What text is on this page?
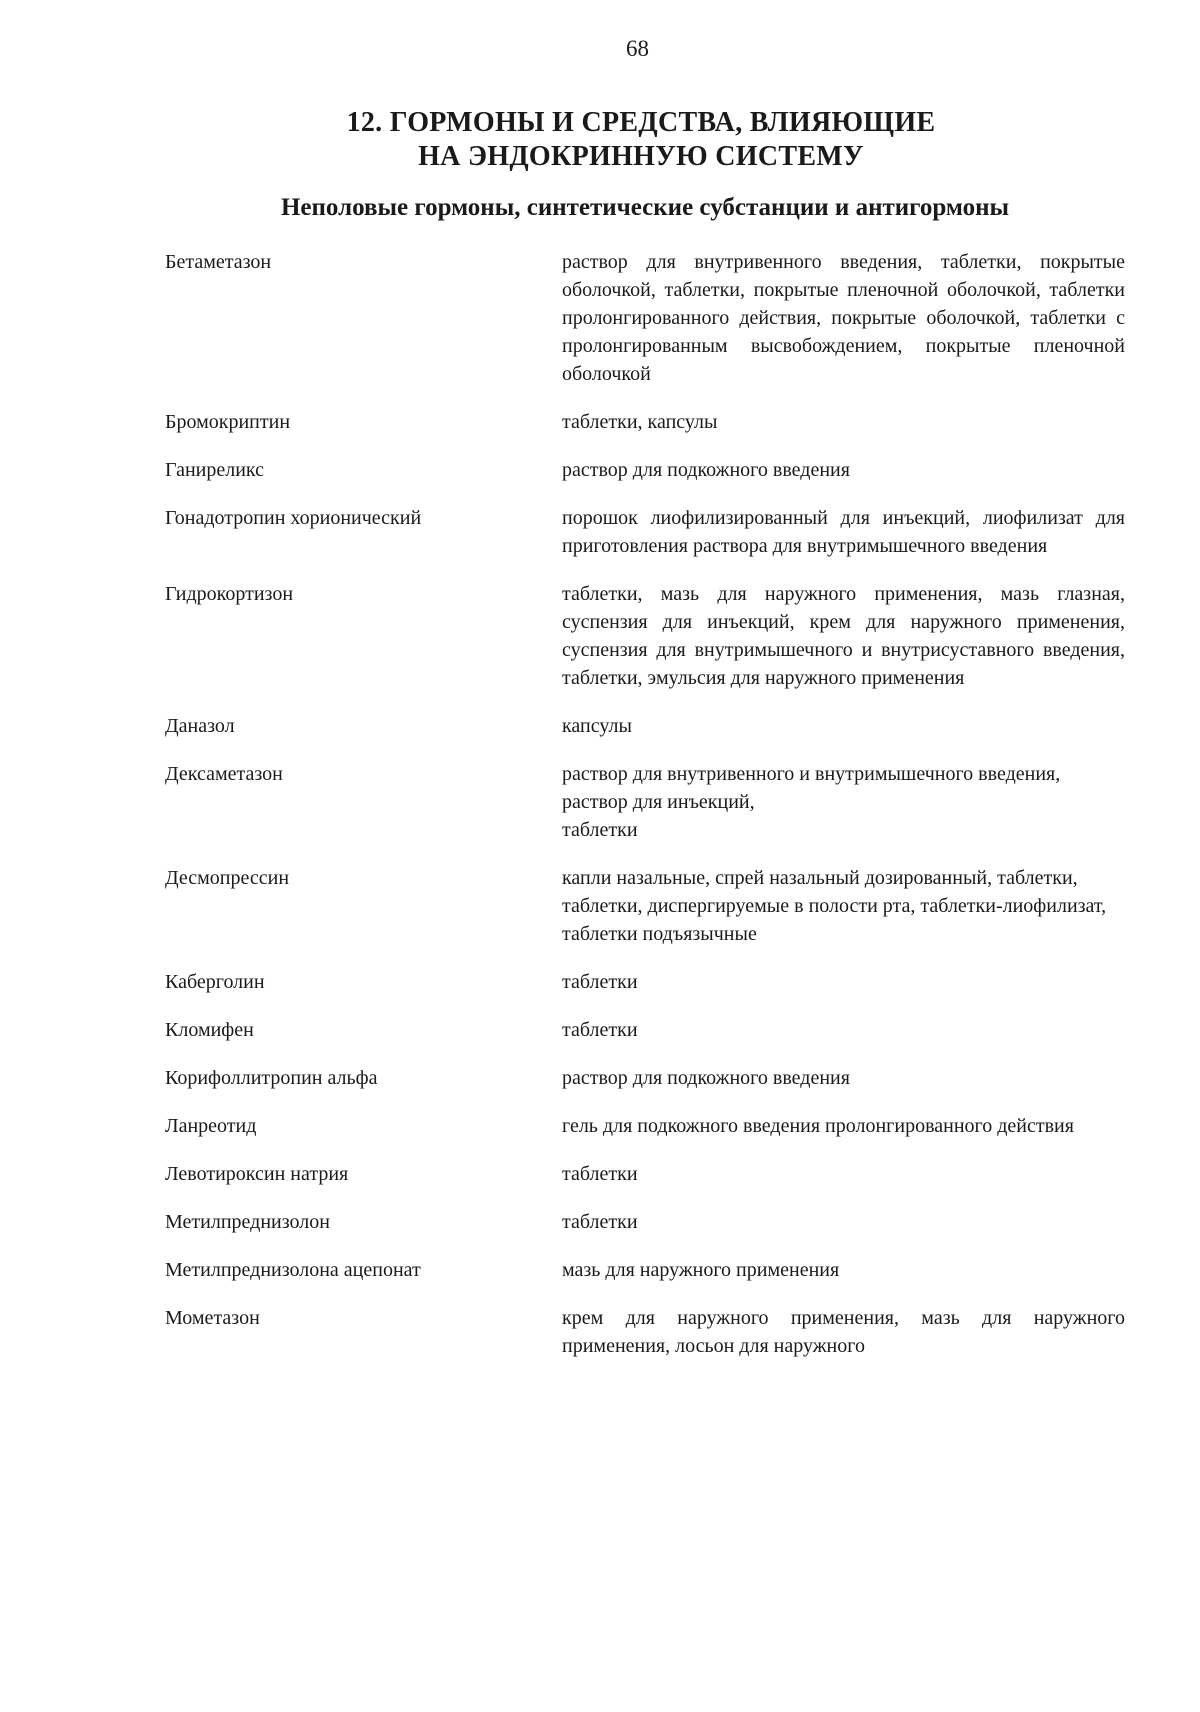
68
12. ГОРМОНЫ И СРЕДСТВА, ВЛИЯЮЩИЕ
НА ЭНДОКРИННУЮ СИСТЕМУ
Неполовые гормоны, синтетические субстанции и антигормоны
Бетаметазон	раствор для внутривенного введения, таблетки, покрытые оболочкой, таблетки, покрытые пленочной оболочкой, таблетки пролонгированного действия, покрытые оболочкой, таблетки с пролонгированным высвобождением, покрытые пленочной оболочкой
Бромокриптин	таблетки, капсулы
Ганиреликс	раствор для подкожного введения
Гонадотропин хорионический	порошок лиофилизированный для инъекций, лиофилизат для приготовления раствора для внутримышечного введения
Гидрокортизон	таблетки, мазь для наружного применения, мазь глазная, суспензия для инъекций, крем для наружного применения, суспензия для внутримышечного и внутрисуставного введения, таблетки, эмульсия для наружного применения
Даназол	капсулы
Дексаметазон	раствор для внутривенного и внутримышечного введения,
раствор для инъекций,
таблетки
Десмопрессин	капли назальные, спрей назальный дозированный, таблетки,
таблетки, диспергируемые в полости рта, таблетки-лиофилизат,
таблетки подъязычные
Каберголин	таблетки
Кломифен	таблетки
Корифоллитропин альфа	раствор для подкожного введения
Ланреотид	гель для подкожного введения пролонгированного действия
Левотироксин натрия	таблетки
Метилпреднизолон	таблетки
Метилпреднизолона ацепонат	мазь для наружного применения
Мометазон	крем для наружного применения, мазь для наружного применения, лосьон для наружного
